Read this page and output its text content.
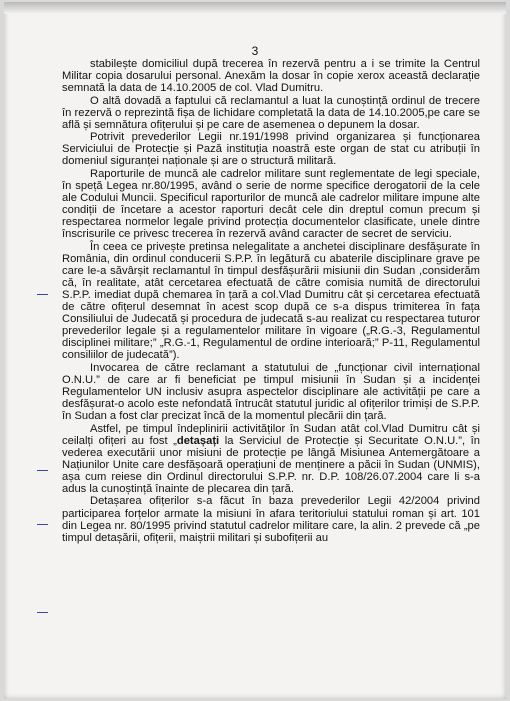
3

stabilește domiciliul după trecerea în rezervă pentru a i se trimite la Centrul Militar copia dosarului personal. Anexăm la dosar în copie xerox această declarație semnată la data de 14.10.2005 de col. Vlad Dumitru.

O altă dovadă a faptului că reclamantul a luat la cunoștință ordinul de trecere în rezervă o reprezintă fișa de lichidare completată la data de 14.10.2005,pe care se află și semnătura ofițerului și pe care de asemenea o depunem la dosar.

Potrivit prevederilor Legii nr.191/1998 privind organizarea și funcționarea Serviciului de Protecție și Pază instituția noastră este organ de stat cu atribuții în domeniul siguranței naționale și are o structură militară.

Raporturile de muncă ale cadrelor militare sunt reglementate de legi speciale, în speță Legea nr.80/1995, având o serie de norme specifice derogatorii de la cele ale Codului Muncii. Specificul raporturilor de muncă ale cadrelor militare impune alte condiții de încetare a acestor raporturi decât cele din dreptul comun precum și respectarea normelor legale privind protecția documentelor clasificate, unele dintre înscrisurile ce privesc trecerea în rezervă având caracter de secret de serviciu.

În ceea ce privește pretinsa nelegalitate a anchetei disciplinare desfășurate în România, din ordinul conducerii S.P.P. în legătură cu abaterile disciplinare grave pe care le-a săvârșit reclamantul în timpul desfășurării misiunii din Sudan ,considerăm că, în realitate, atât cercetarea efectuată de către comisia numită de directorului S.P.P. imediat după chemarea în țară a col.Vlad Dumitru cât și cercetarea efectuată de către ofițerul desemnat în acest scop după ce s-a dispus trimiterea în fața Consiliului de Judecată și procedura de judecată s-au realizat cu respectarea tuturor prevederilor legale și a regulamentelor militare în vigoare („R.G.-3, Regulamentul disciplinei militare;” „R.G.-1, Regulamentul de ordine interioară;” P-11, Regulamentul consiliilor de judecată”).

Invocarea de către reclamant a statutului de „funcționar civil internațional O.N.U.” de care ar fi beneficiat pe timpul misiunii în Sudan și a incidenței Regulamentelor UN inclusiv asupra aspectelor disciplinare ale activității pe care a desfășurat-o acolo este nefondată întrucât statutul juridic al ofițerilor trimiși de S.P.P. în Sudan a fost clar precizat încă de la momentul plecării din țară.

Astfel, pe timpul îndeplinirii activităților în Sudan atât col.Vlad Dumitru cât și ceilalți ofițeri au fost „detașați la Serviciul de Protecție și Securitate O.N.U.”, în vederea executării unor misiuni de protecție pe lângă Misiunea Antemergătoare a Națiunilor Unite care desfășoară operațiuni de menținere a păcii în Sudan (UNMIS), așa cum reiese din Ordinul directorului S.P.P. nr. D.P. 108/26.07.2004 care li s-a adus la cunoștință înainte de plecarea din țară.

Detașarea ofițerilor s-a făcut în baza prevederilor Legii 42/2004 privind participarea forțelor armate la misiuni în afara teritoriului statului roman și art. 101 din Legea nr. 80/1995 privind statutul cadrelor militare care, la alin. 2 prevede că „pe timpul detașării, ofițerii, maiștrii militari și subofițerii au
